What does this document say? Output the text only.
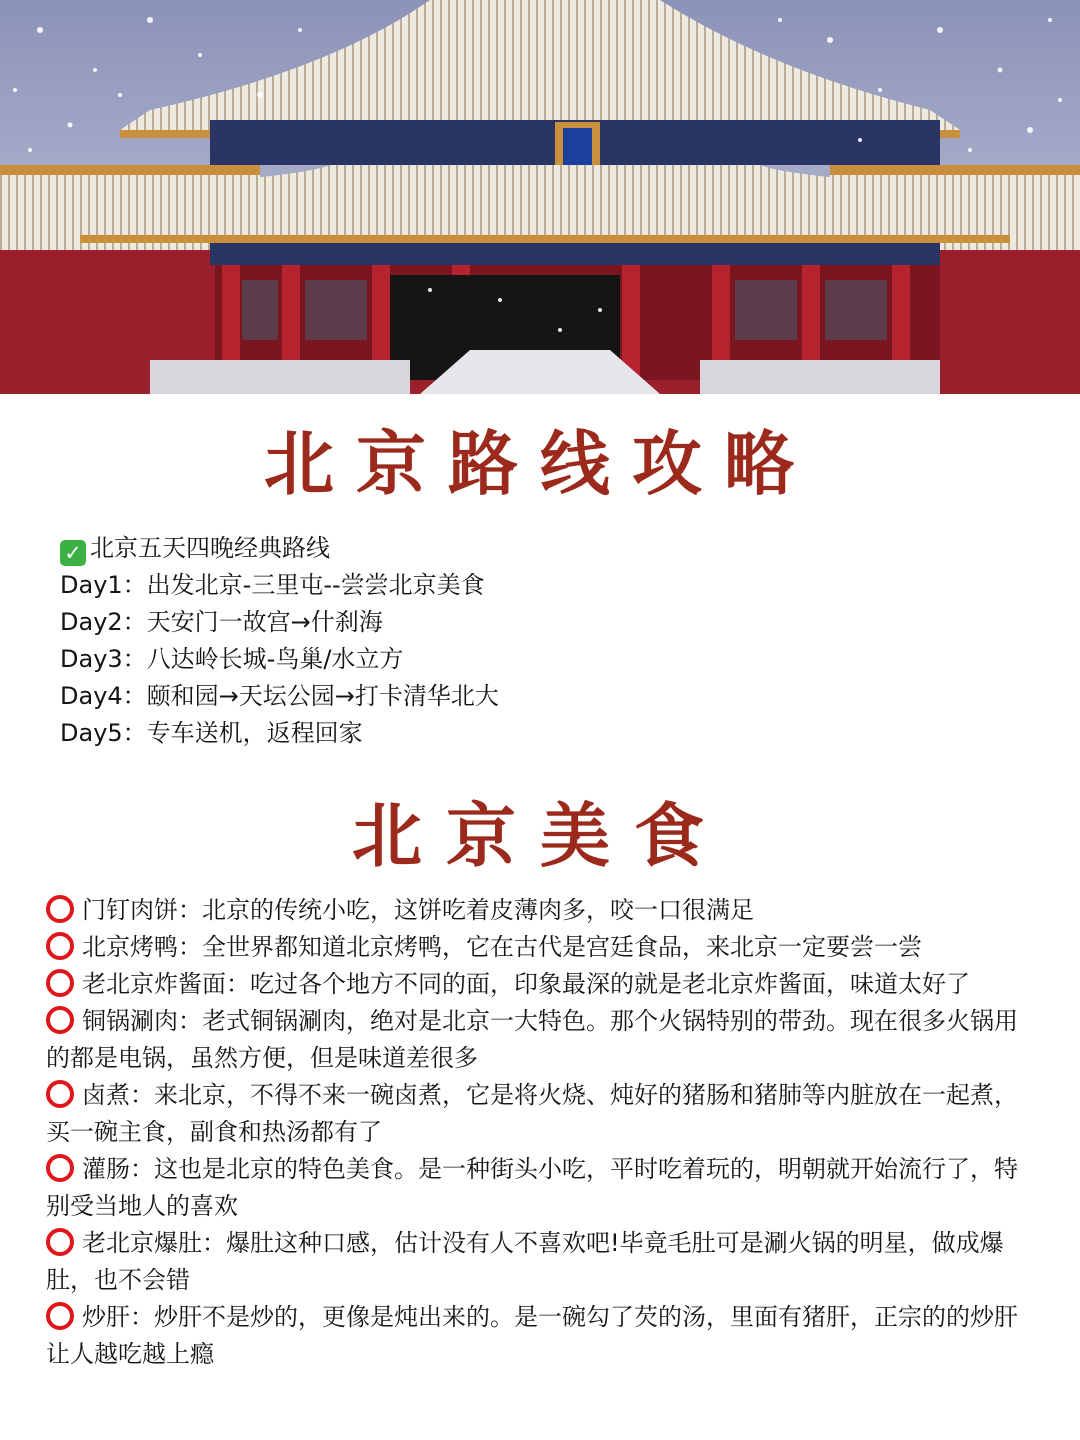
北京路线攻略
✓ 北京五天四晚经典路线
Day1：出发北京-三里屯--尝尝北京美食
Day2：天安门一故宫→什刹海
Day3：八达岭长城-鸟巢/水立方
Day4：颐和园→天坛公园→打卡清华北大
Day5：专车送机，返程回家
北京美食

门钉肉饼：北京的传统小吃，这饼吃着皮薄肉多，咬一口很满足

北京烤鸭：全世界都知道北京烤鸭，它在古代是宫廷食品，来北京一定要尝一尝

老北京炸酱面：吃过各个地方不同的面，印象最深的就是老北京炸酱面，味道太好了

铜锅涮肉：老式铜锅涮肉，绝对是北京一大特色。那个火锅特别的带劲。现在很多火锅用的都是电锅，虽然方便，但是味道差很多

卤煮：来北京，不得不来一碗卤煮，它是将火烧、炖好的猪肠和猪肺等内脏放在一起煮，买一碗主食，副食和热汤都有了

灌肠：这也是北京的特色美食。是一种街头小吃，平时吃着玩的，明朝就开始流行了，特别受当地人的喜欢

老北京爆肚：爆肚这种口感，估计没有人不喜欢吧!毕竟毛肚可是涮火锅的明星，做成爆肚，也不会错

炒肝：炒肝不是炒的，更像是炖出来的。是一碗勾了芡的汤，里面有猪肝，正宗的的炒肝让人越吃越上瘾
